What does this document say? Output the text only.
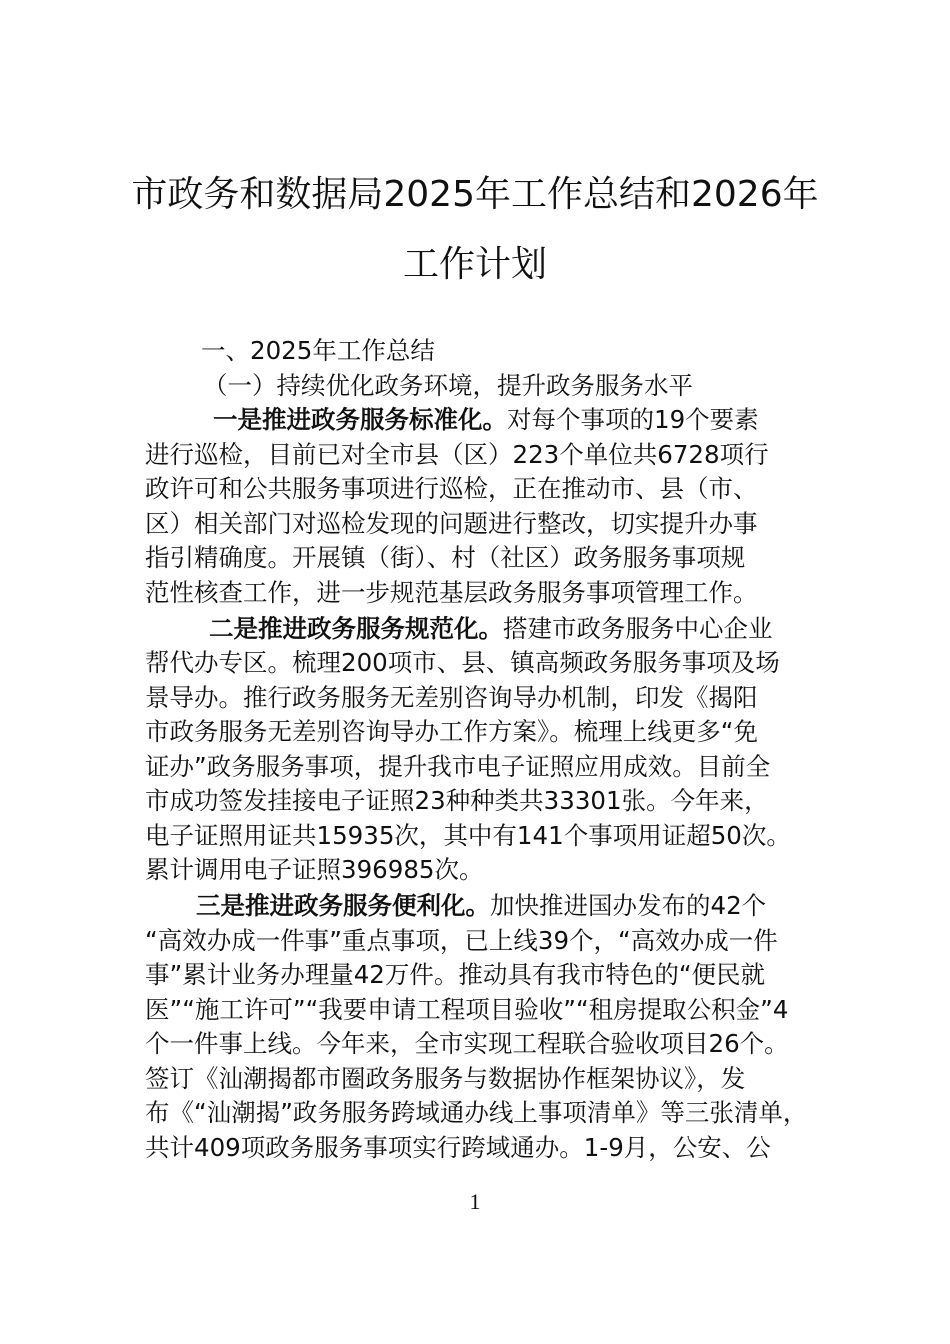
市政务和数据局2025年工作总结和2026年
工作计划
一、2025年工作总结
（一）持续优化政务环境，提升政务服务水平
一是推进政务服务标准化。对每个事项的19个要素
进行巡检，目前已对全市县（区）223个单位共6728项行
政许可和公共服务事项进行巡检，正在推动市、县（市、
区）相关部门对巡检发现的问题进行整改，切实提升办事
指引精确度。开展镇（街）、村（社区）政务服务事项规
范性核查工作，进一步规范基层政务服务事项管理工作。
二是推进政务服务规范化。搭建市政务服务中心企业
帮代办专区。梳理200项市、县、镇高频政务服务事项及场
景导办。推行政务服务无差别咨询导办机制，印发《揭阳
市政务服务无差别咨询导办工作方案》。梳理上线更多“免
证办”政务服务事项，提升我市电子证照应用成效。目前全
市成功签发挂接电子证照23种种类共33301张。今年来，
电子证照用证共15935次，其中有141个事项用证超50次。
累计调用电子证照396985次。
三是推进政务服务便利化。加快推进国办发布的42个
“高效办成一件事”重点事项，已上线39个，“高效办成一件
事”累计业务办理量42万件。推动具有我市特色的“便民就
医”“施工许可”“我要申请工程项目验收”“租房提取公积金”4
个一件事上线。今年来，全市实现工程联合验收项目26个。
签订《汕潮揭都市圈政务服务与数据协作框架协议》，发
布《“汕潮揭”政务服务跨域通办线上事项清单》等三张清单，
共计409项政务服务事项实行跨域通办。1-9月，公安、公
1
